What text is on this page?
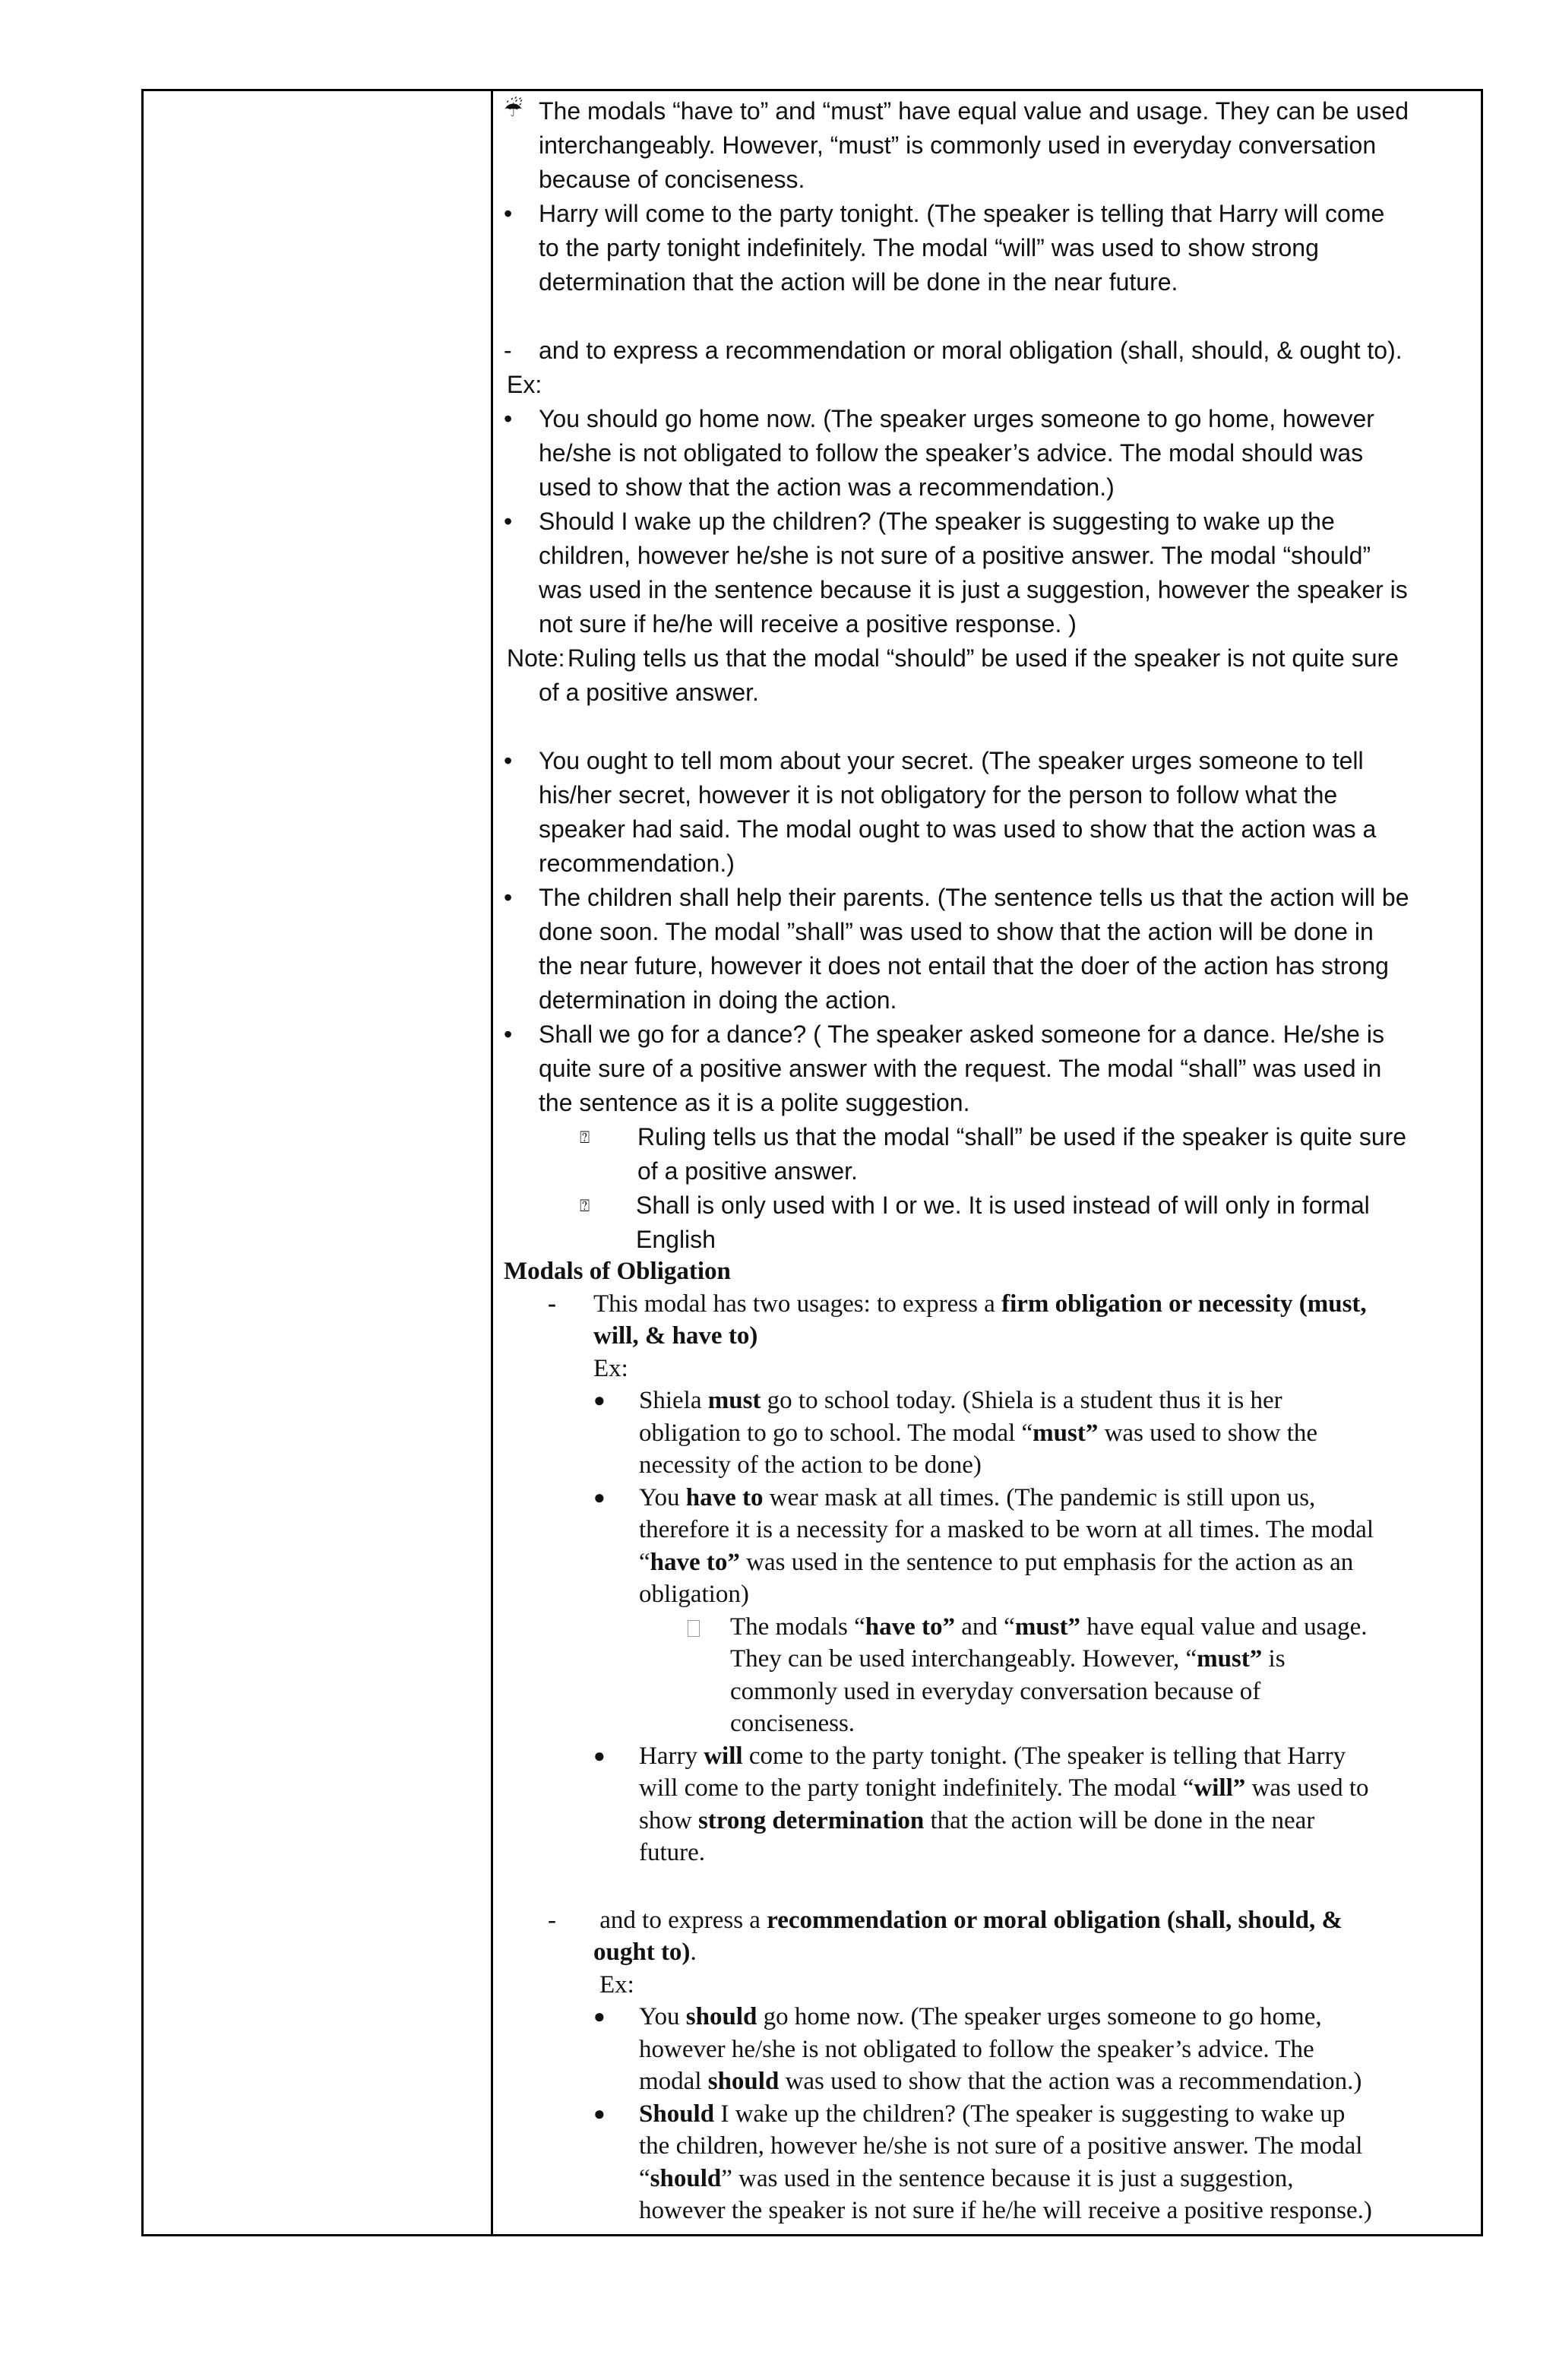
☔ The modals “have to” and “must” have equal value and usage. They can be used
interchangeably. However, “must” is commonly used in everyday conversation
because of conciseness.
•	Harry will come to the party tonight. (The speaker is telling that Harry will come
to the party tonight indefinitely. The modal “will” was used to show strong
determination that the action will be done in the near future.
-	and to express a recommendation or moral obligation (shall, should, & ought to).
Ex:
•	You should go home now. (The speaker urges someone to go home, however
he/she is not obligated to follow the speaker’s advice. The modal should was
used to show that the action was a recommendation.)
•	Should I wake up the children? (The speaker is suggesting to wake up the
children, however he/she is not sure of a positive answer. The modal “should”
was used in the sentence because it is just a suggestion, however the speaker is
not sure if he/he will receive a positive response. )
Note: Ruling tells us that the modal “should” be used if the speaker is not quite sure
of a positive answer.
•	You ought to tell mom about your secret. (The speaker urges someone to tell
his/her secret, however it is not obligatory for the person to follow what the
speaker had said. The modal ought to was used to show that the action was a
recommendation.)
•	The children shall help their parents. (The sentence tells us that the action will be
done soon. The modal ”shall” was used to show that the action will be done in
the near future, however it does not entail that the doer of the action has strong
determination in doing the action.
•	Shall we go for a dance? ( The speaker asked someone for a dance. He/she is
quite sure of a positive answer with the request. The modal “shall” was used in
the sentence as it is a polite suggestion.
⍰	Ruling tells us that the modal “shall” be used if the speaker is quite sure
of a positive answer.
⍰	Shall is only used with I or we. It is used instead of will only in formal
English
Modals of Obligation
-	This modal has two usages: to express a firm obligation or necessity (must,
will, & have to)
Ex:
●	Shiela must go to school today. (Shiela is a student thus it is her
obligation to go to school. The modal “must” was used to show the
necessity of the action to be done)
●	You have to wear mask at all times. (The pandemic is still upon us,
therefore it is a necessity for a masked to be worn at all times. The modal
“have to” was used in the sentence to put emphasis for the action as an
obligation)
The modals “have to” and “must” have equal value and usage.
They can be used interchangeably. However, “must” is
commonly used in everyday conversation because of
conciseness.
●	Harry will come to the party tonight. (The speaker is telling that Harry
will come to the party tonight indefinitely. The modal “will” was used to
show strong determination that the action will be done in the near
future.
-	and to express a recommendation or moral obligation (shall, should, &
ought to).
Ex:
●	You should go home now. (The speaker urges someone to go home,
however he/she is not obligated to follow the speaker’s advice. The
modal should was used to show that the action was a recommendation.)
●	Should I wake up the children? (The speaker is suggesting to wake up
the children, however he/she is not sure of a positive answer. The modal
“should” was used in the sentence because it is just a suggestion,
however the speaker is not sure if he/he will receive a positive response.)
